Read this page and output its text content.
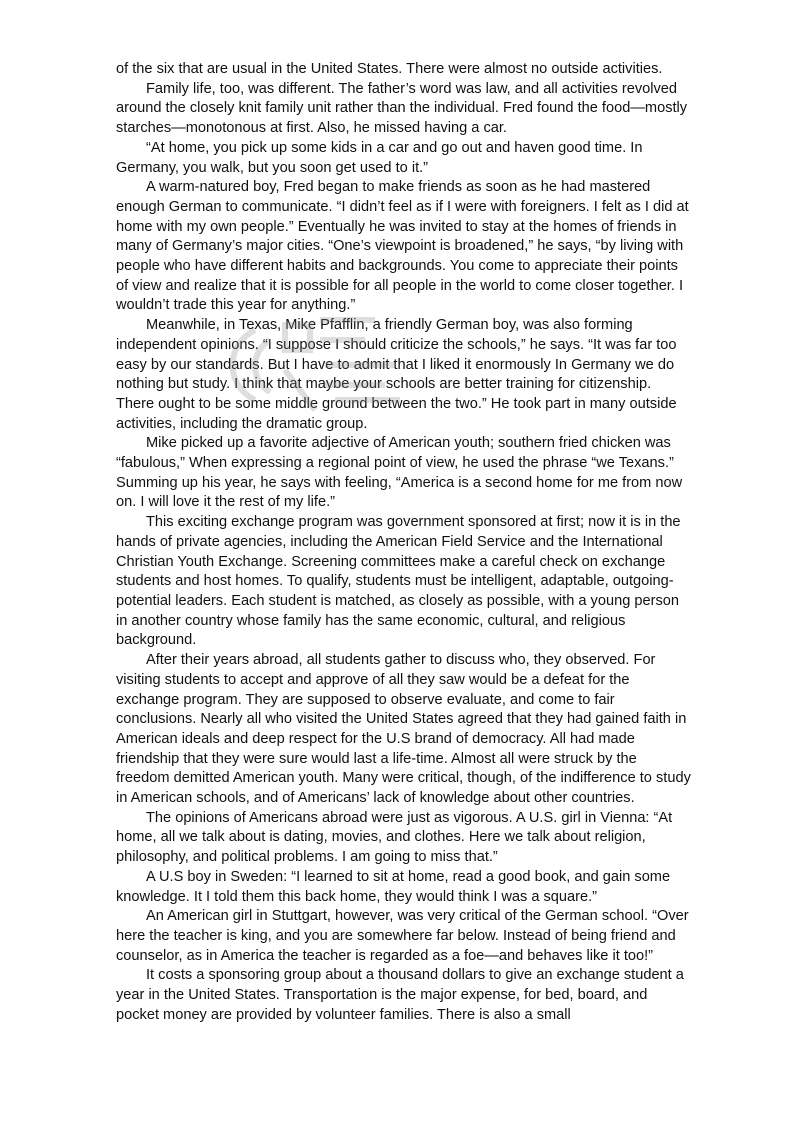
of the six that are usual in the United States. There were almost no outside activities.

Family life, too, was different. The father’s word was law, and all activities revolved around the closely knit family unit rather than the individual. Fred found the food—mostly starches—monotonous at first. Also, he missed having a car.

“At home, you pick up some kids in a car and go out and haven good time. In Germany, you walk, but you soon get used to it.”

A warm-natured boy, Fred began to make friends as soon as he had mastered enough German to communicate. “I didn’t feel as if I were with foreigners. I felt as I did at home with my own people.” Eventually he was invited to stay at the homes of friends in many of Germany’s major cities. “One’s viewpoint is broadened,” he says, “by living with people who have different habits and backgrounds. You come to appreciate their points of view and realize that it is possible for all people in the world to come closer together. I wouldn’t trade this year for anything.”

Meanwhile, in Texas, Mike Pfafflin, a friendly German boy, was also forming independent opinions. “I suppose I should criticize the schools,” he says. “It was far too easy by our standards. But I have to admit that I liked it enormously In Germany we do nothing but study. I think that maybe your schools are better training for citizenship. There ought to be some middle ground between the two.” He took part in many outside activities, including the dramatic group.

Mike picked up a favorite adjective of American youth; southern fried chicken was “fabulous,” When expressing a regional point of view, he used the phrase “we Texans.” Summing up his year, he says with feeling, “America is a second home for me from now on. I will love it the rest of my life.”

This exciting exchange program was government sponsored at first; now it is in the hands of private agencies, including the American Field Service and the International Christian Youth Exchange. Screening committees make a careful check on exchange students and host homes. To qualify, students must be intelligent, adaptable, outgoing-potential leaders. Each student is matched, as closely as possible, with a young person in another country whose family has the same economic, cultural, and religious background.

After their years abroad, all students gather to discuss who, they observed. For visiting students to accept and approve of all they saw would be a defeat for the exchange program. They are supposed to observe evaluate, and come to fair conclusions. Nearly all who visited the United States agreed that they had gained faith in American ideals and deep respect for the U.S brand of democracy. All had made friendship that they were sure would last a life-time. Almost all were struck by the freedom demitted American youth. Many were critical, though, of the indifference to study in American schools, and of Americans’ lack of knowledge about other countries.

The opinions of Americans abroad were just as vigorous. A U.S. girl in Vienna: “At home, all we talk about is dating, movies, and clothes. Here we talk about religion, philosophy, and political problems. I am going to miss that.”

A U.S boy in Sweden: “I learned to sit at home, read a good book, and gain some knowledge. It I told them this back home, they would think I was a square.”

An American girl in Stuttgart, however, was very critical of the German school. “Over here the teacher is king, and you are somewhere far below. Instead of being friend and counselor, as in America the teacher is regarded as a foe—and behaves like it too!”

It costs a sponsoring group about a thousand dollars to give an exchange student a year in the United States. Transportation is the major expense, for bed, board, and pocket money are provided by volunteer families. There is also a small
